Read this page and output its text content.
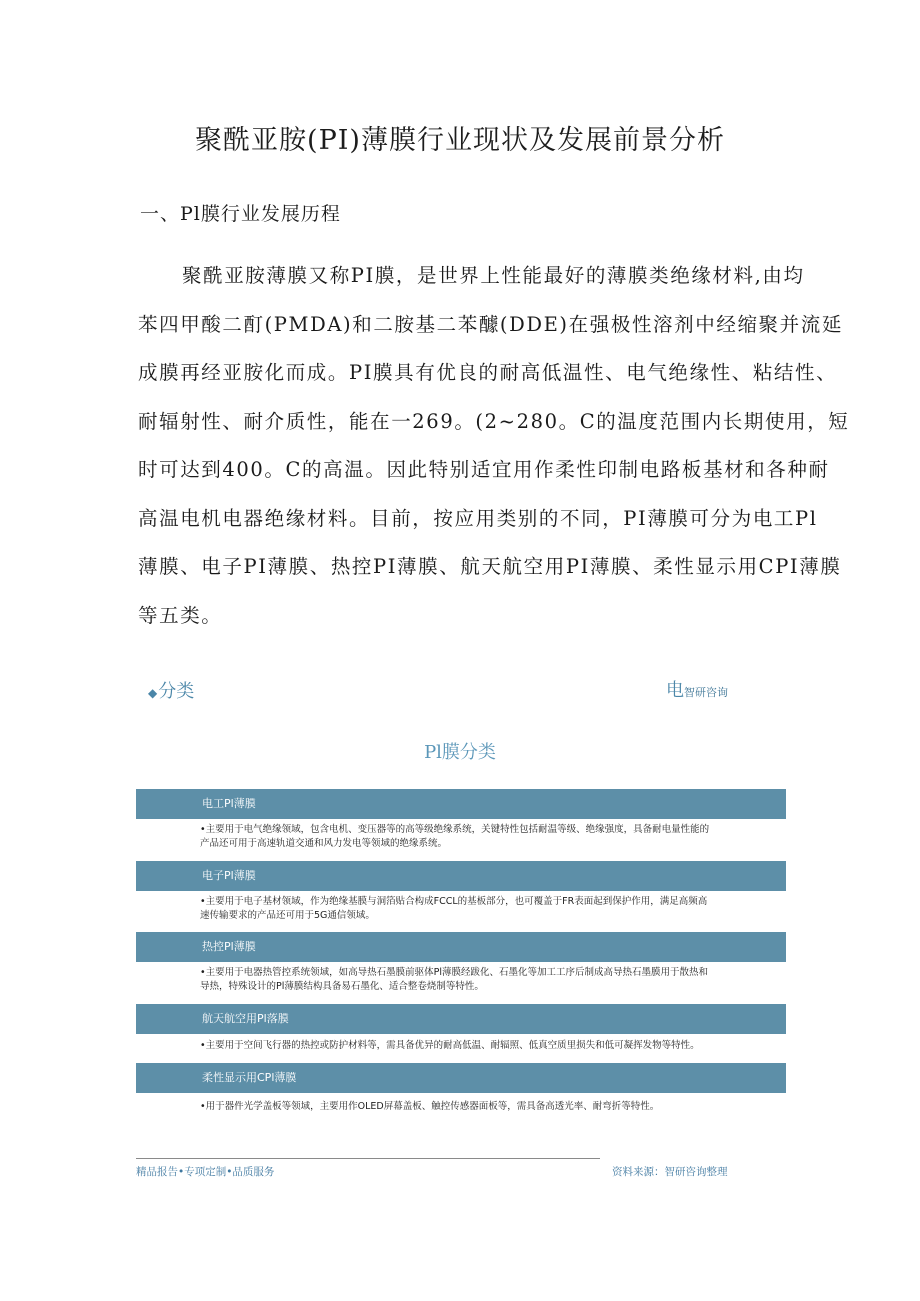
聚酰亚胺(PI)薄膜行业现状及发展前景分析
一、Pl膜行业发展历程
聚酰亚胺薄膜又称PI膜，是世界上性能最好的薄膜类绝缘材料,由均
苯四甲酸二酊(PMDA)和二胺基二苯醵(DDE)在强极性溶剂中经缩聚并流延
成膜再经亚胺化而成。PI膜具有优良的耐高低温性、电气绝缘性、粘结性、
耐辐射性、耐介质性，能在一269。(2~280。C的温度范围内长期使用，短
时可达到400。C的高温。因此特别适宜用作柔性印制电路板基材和各种耐
高温电机电器绝缘材料。目前，按应用类别的不同，PI薄膜可分为电工Pl
薄膜、电子PI薄膜、热控PI薄膜、航天航空用PI薄膜、柔性显示用CPI薄膜
等五类。
◆分类	电智研咨询
Pl膜分类
电工Pl薄膜
•主要用于电气绝缘领域，包含电机、变压器等的高等级绝缘系统，关键特性包括耐温等级、绝缘强度，具备耐电量性能的
产品还可用于高速轨道交通和风力发电等领域的绝缘系统。
电子Pl薄膜
•主要用于电子基材领域，作为绝缘基膜与洞箔贴合构成FCCL的基板部分，也可覆盖于FR表面起到保护作用，满足高频高
速传输要求的产品还可用于5G通信领域。
热控Pl薄膜
•主要用于电器热管控系统领域，如高导热石墨膜前驱体Pl薄膜经跋化、石墨化等加工工序后制成高导热石墨膜用于散热和
导热，特殊设计的Pl薄膜结构具备易石墨化、适合整卷烧制等特性。
航天航空用Pl落膜
•主要用于空间飞行器的热控或防护材料等，需具备优异的耐高低温、耐辐照、低真空质里损失和低可凝挥发物等特性。
柔性显示用CPl薄膜
•用于器件光学盖板等领域，主要用作OLED屏幕盖板、触控传感器面板等，需具备高透光率、耐弯折等特性。
精品报告•专项定制•品质服务	资料来源：智研咨询整理
